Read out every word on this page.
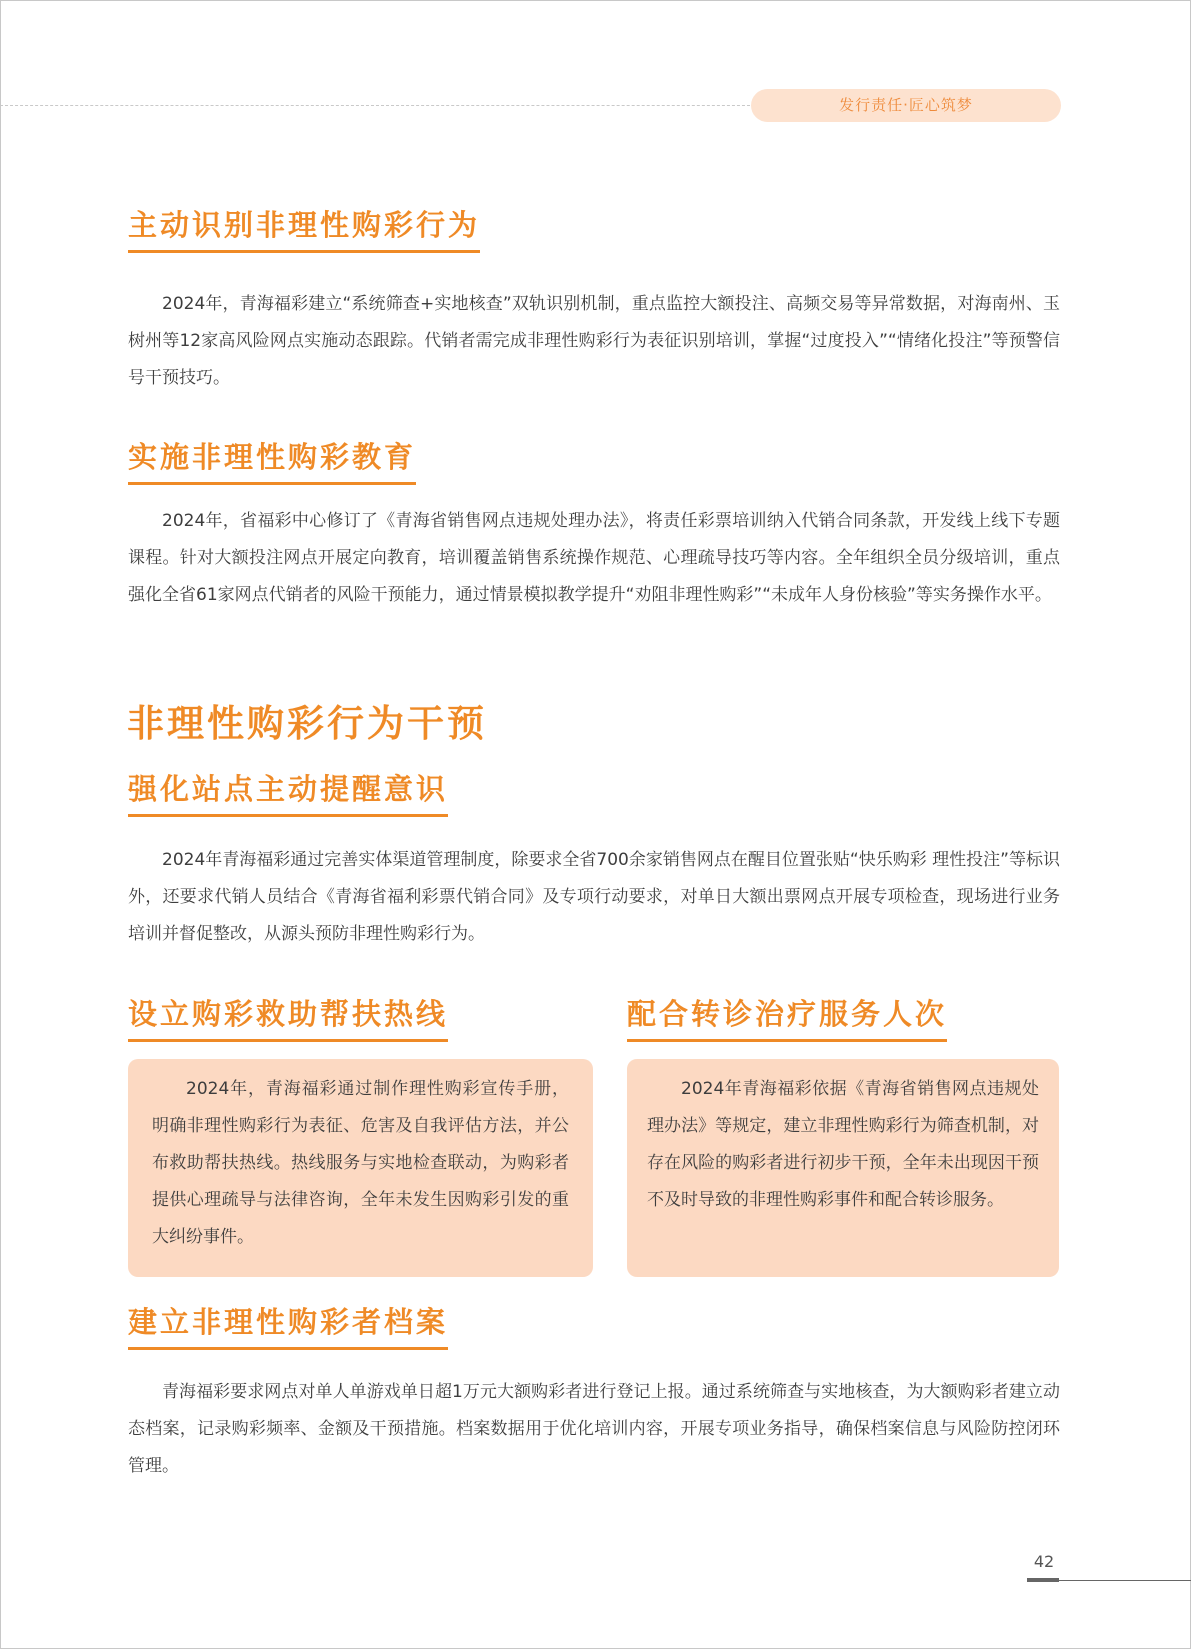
发行责任·匠心筑梦
主动识别非理性购彩行为

2024年，青海福彩建立“系统筛查+实地核查”双轨识别机制，重点监控大额投注、高频交易等异常数据，对海南州、玉树州等12家高风险网点实施动态跟踪。代销者需完成非理性购彩行为表征识别培训，掌握“过度投入”“情绪化投注”等预警信号干预技巧。

实施非理性购彩教育

2024年，省福彩中心修订了《青海省销售网点违规处理办法》，将责任彩票培训纳入代销合同条款，开发线上线下专题课程。针对大额投注网点开展定向教育，培训覆盖销售系统操作规范、心理疏导技巧等内容。全年组织全员分级培训，重点强化全省61家网点代销者的风险干预能力，通过情景模拟教学提升“劝阻非理性购彩”“未成年人身份核验”等实务操作水平。

非理性购彩行为干预
强化站点主动提醒意识

2024年青海福彩通过完善实体渠道管理制度，除要求全省700余家销售网点在醒目位置张贴“快乐购彩 理性投注”等标识外，还要求代销人员结合《青海省福利彩票代销合同》及专项行动要求，对单日大额出票网点开展专项检查，现场进行业务培训并督促整改，从源头预防非理性购彩行为。

设立购彩救助帮扶热线	配合转诊治疗服务人次

2024年，青海福彩通过制作理性购彩宣传手册，明确非理性购彩行为表征、危害及自我评估方法，并公布救助帮扶热线。热线服务与实地检查联动，为购彩者提供心理疏导与法律咨询，全年未发生因购彩引发的重大纠纷事件。

2024年青海福彩依据《青海省销售网点违规处理办法》等规定，建立非理性购彩行为筛查机制，对存在风险的购彩者进行初步干预，全年未出现因干预不及时导致的非理性购彩事件和配合转诊服务。

建立非理性购彩者档案

青海福彩要求网点对单人单游戏单日超1万元大额购彩者进行登记上报。通过系统筛查与实地核查，为大额购彩者建立动态档案，记录购彩频率、金额及干预措施。档案数据用于优化培训内容，开展专项业务指导，确保档案信息与风险防控闭环管理。

42
